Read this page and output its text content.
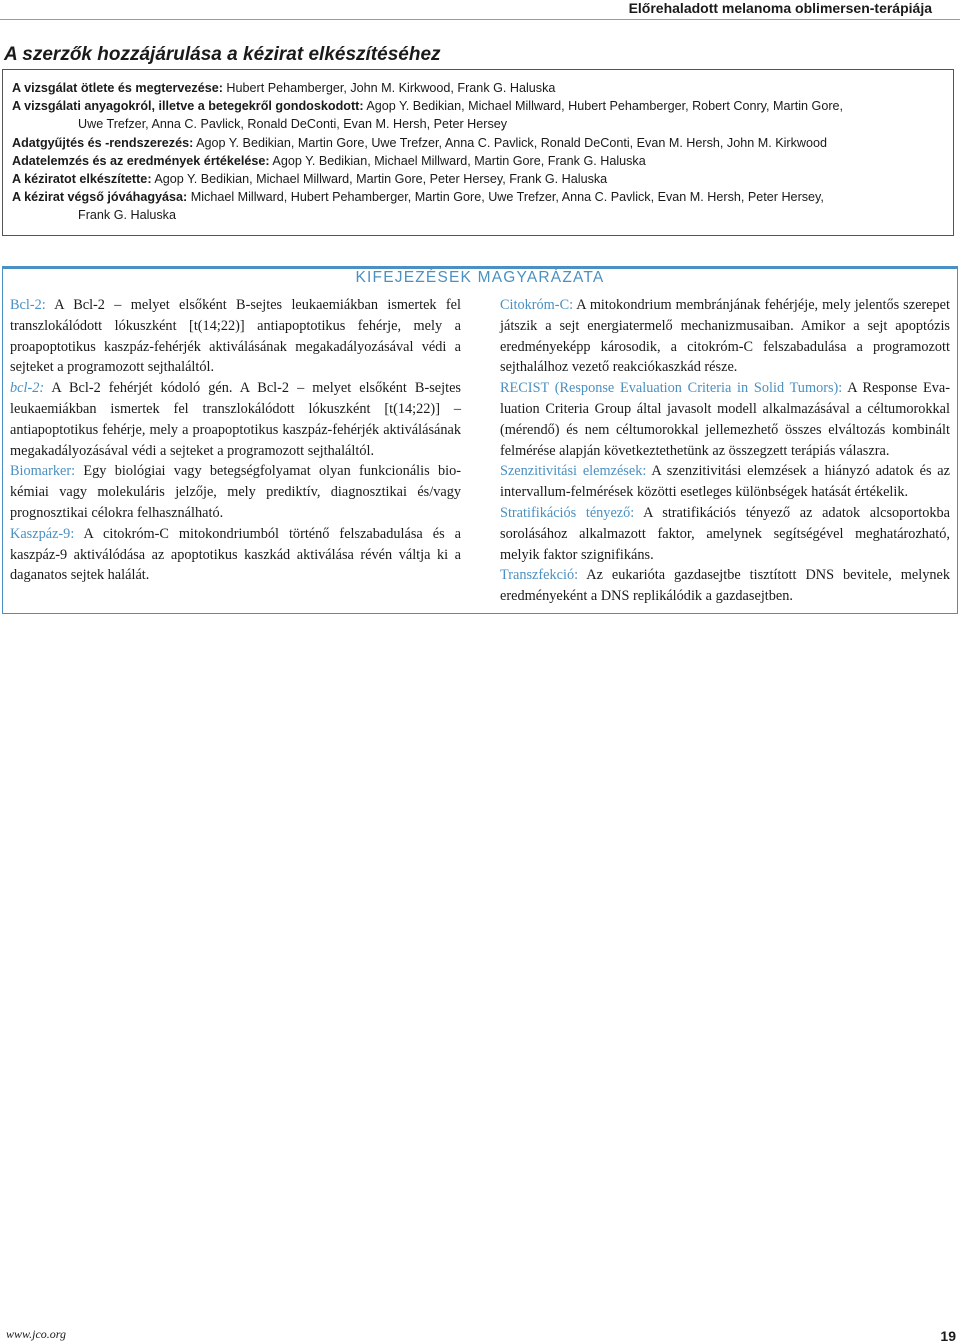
Előrehaladott melanoma oblimersen-terápiája
A szerzők hozzájárulása a kézirat elkészítéséhez
A vizsgálat ötlete és megtervezése: Hubert Pehamberger, John M. Kirkwood, Frank G. Haluska
A vizsgálati anyagokról, illetve a betegekről gondoskodott: Agop Y. Bedikian, Michael Millward, Hubert Pehamberger, Robert Conry, Martin Gore,
Uwe Trefzer, Anna C. Pavlick, Ronald DeConti, Evan M. Hersh, Peter Hersey
Adatgyűjtés és -rendszerezés: Agop Y. Bedikian, Martin Gore, Uwe Trefzer, Anna C. Pavlick, Ronald DeConti, Evan M. Hersh, John M. Kirkwood
Adatelemzés és az eredmények értékelése: Agop Y. Bedikian, Michael Millward, Martin Gore, Frank G. Haluska
A kéziratot elkészítette: Agop Y. Bedikian, Michael Millward, Martin Gore, Peter Hersey, Frank G. Haluska
A kézirat végső jóváhagyása: Michael Millward, Hubert Pehamberger, Martin Gore, Uwe Trefzer, Anna C. Pavlick, Evan M. Hersh, Peter Hersey,
Frank G. Haluska
KIFEJEZÉSEK MAGYARÁZATA

Bcl-2: A Bcl-2 – melyet elsőként B-sejtes leukaemiákban ismertek fel transzlokálódott lókuszként [t(14;22)] antiapoptotikus fehérje, mely a proapoptotikus kaszpáz-fehérjék aktiválásának megakadályozásával védi a sejteket a programozott sejthaláltól.

bcl-2: A Bcl-2 fehérjét kódoló gén. A Bcl-2 – melyet elsőként B-sejtes leukaemiákban ismertek fel transzlokálódott lókuszként [t(14;22)] – antiapoptotikus fehérje, mely a proapoptotikus kaszpáz-fehérjék aktiválásának megakadályozásával védi a sejteket a programozott sejthaláltól.

Biomarker: Egy biológiai vagy betegségfolyamat olyan funkcionális biokémiai vagy molekuláris jelzője, mely prediktív, diagnosztikai és/vagy prognosztikai célokra felhasználható.

Kaszpáz-9: A citokróm-C mitokondriumból történő felszabadulása és a kaszpáz-9 aktiválódása az apoptotikus kaszkád aktiválása révén váltja ki a daganatos sejtek halálát.

Citokróm-C: A mitokondrium membránjának fehérjéje, mely jelentős szerepet játszik a sejt energiatermelő mechanizmusaiban. Amikor a sejt apoptózis eredményeképp károsodik, a citokróm-C felszabadulása a programozott sejthalálhoz vezető reakciókaszkád része.

RECIST (Response Evaluation Criteria in Solid Tumors): A Response Evaluation Criteria Group által javasolt modell alkalmazásával a céltumorokkal (mérendő) és nem céltumorokkal jellemezhető összes elváltozás kombinált felmérése alapján következtethetünk az összegzett terápiás válaszra.

Szenzitivitási elemzések: A szenzitivitási elemzések a hiányzó adatok és az intervallum-felmérések közötti esetleges különbségek hatását értékelik.

Stratifikációs tényező: A stratifikációs tényező az adatok alcsoportokba sorolásához alkalmazott faktor, amelynek segítségével meghatározható, melyik faktor szignifikáns.

Transzfekció: Az eukarióta gazdasejtbe tisztított DNS bevitele, melynek eredményeként a DNS replikálódik a gazdasejtben.

www.jco.org	19
